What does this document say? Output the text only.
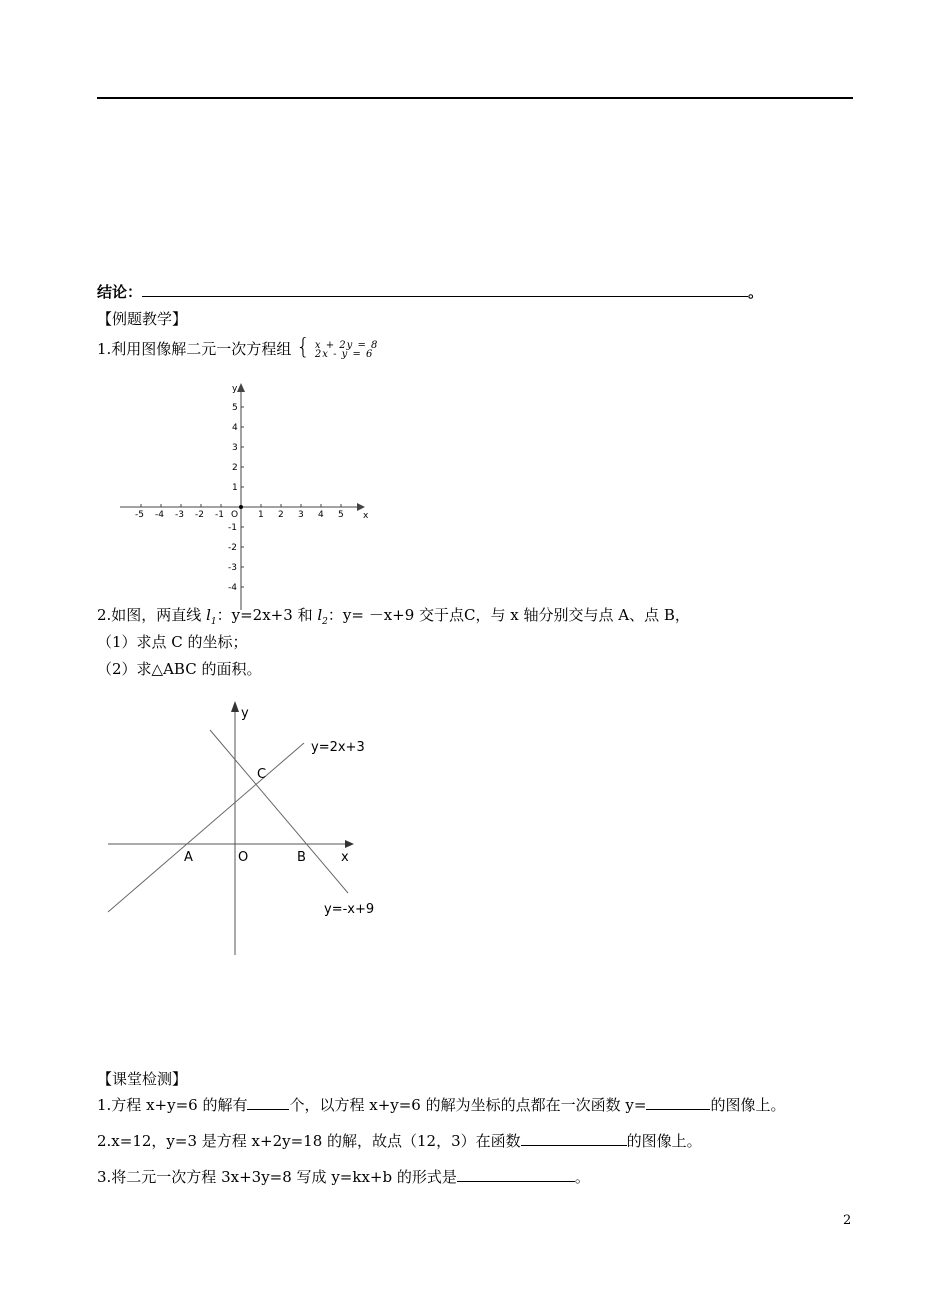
结论：	。
【例题教学】
1.利用图像解二元一次方程组 { x + 2y = 8
2x - y = 6
-5 -4 -3 -2 -1	1 2 3 4 5
5
4
3
2
1
-1
-2
-3
-4
y
x
O
2.如图，两直线 $l_1$：y=2x+3 和 $l_2$：y= －x+9 交于点C，与 x 轴分别交与点 A、点 B，
（1）求点 C 的坐标；
（2）求△ABC 的面积。
y
x
y=2x+3
y=-x+9
C
A	O	B
【课堂检测】
1.方程 x+y=6 的解有	个，以方程 x+y=6 的解为坐标的点都在一次函数 y=	的图像上。
2.x=12，y=3 是方程 x+2y=18 的解，故点（12，3）在函数	的图像上。
3.将二元一次方程 3x+3y=8 写成 y=kx+b 的形式是	。
2
